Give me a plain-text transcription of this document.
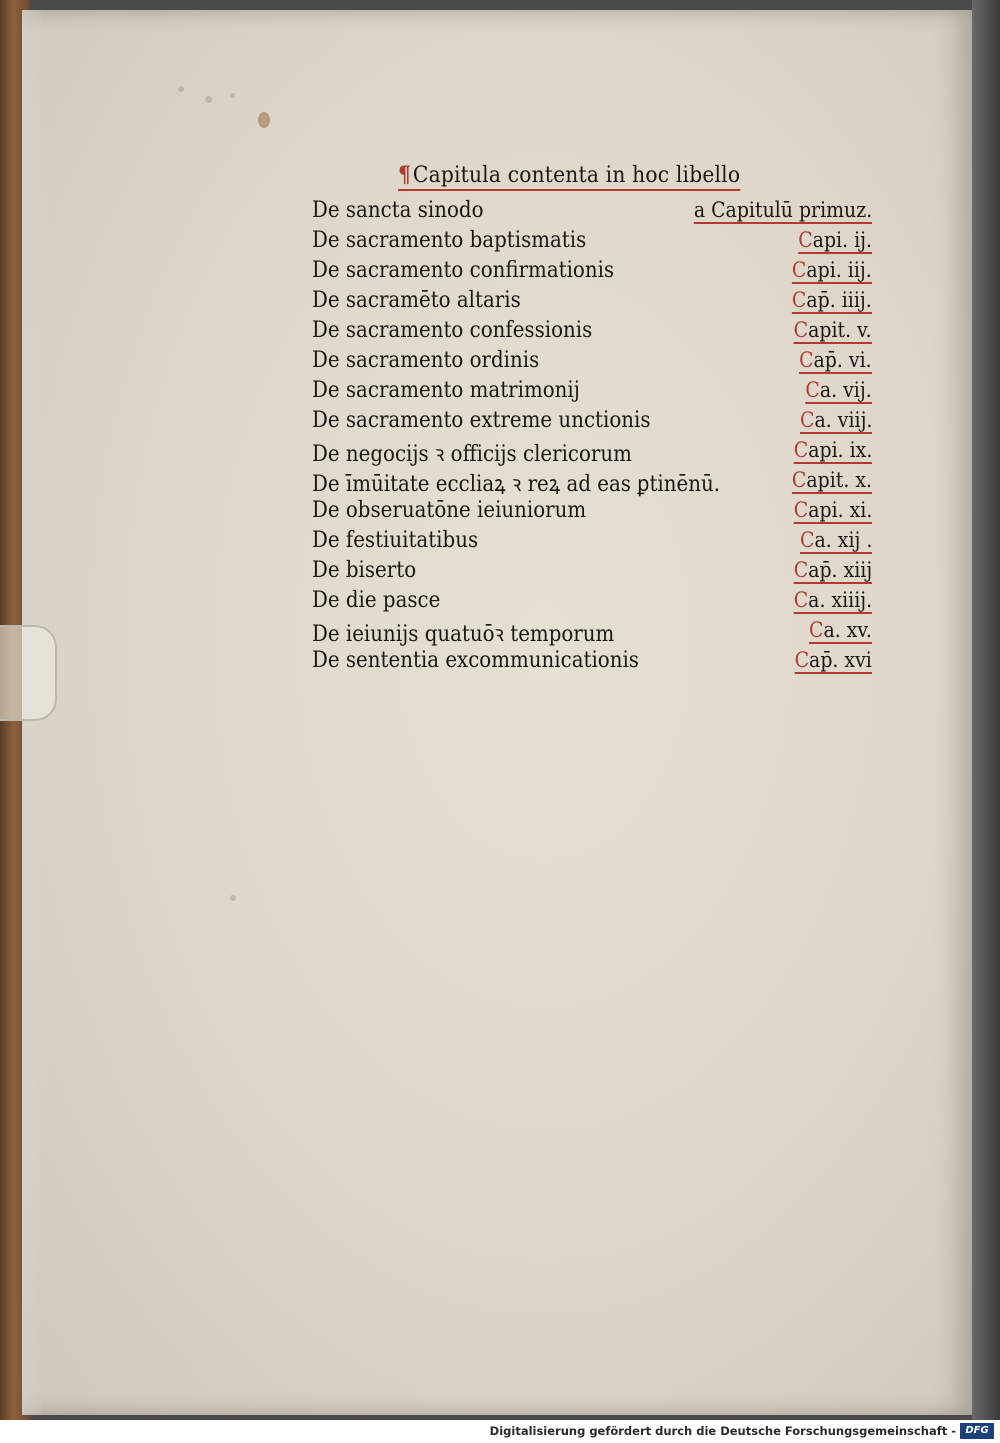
¶Capitula contenta in hoc libello
De sancta sinodo	a Capitulū primuz.
De sacramento baptismatis	Capi. ij.
De sacramento confirmationis	Capi. iij.
De sacramēto altaris	Cap̄. iiij.
De sacramento confessionis	Capit. v.
De sacramento ordinis	Cap̄. vi.
De sacramento matrimonij	Ca. vij.
De sacramento extreme unctionis	Ca. viij.
De negocijs ꝛ officijs clericorum	Capi. ix.
De īmūitate eccliaꝝ ꝛ reꝝ ad eas ꝑtinēnū.	Capit. x.
De obseruatōne ieiuniorum	Capi. xi.
De festiuitatibus	Ca. xij .
De biserto	Cap̄. xiij
De die pasce	Ca. xiiij.
De ieiunijs quatuōꝛ temporum	Ca. xv.
De sententia excommunicationis	Cap̄. xvi
Digitalisierung gefördert durch die Deutsche Forschungsgemeinschaft - DFG
